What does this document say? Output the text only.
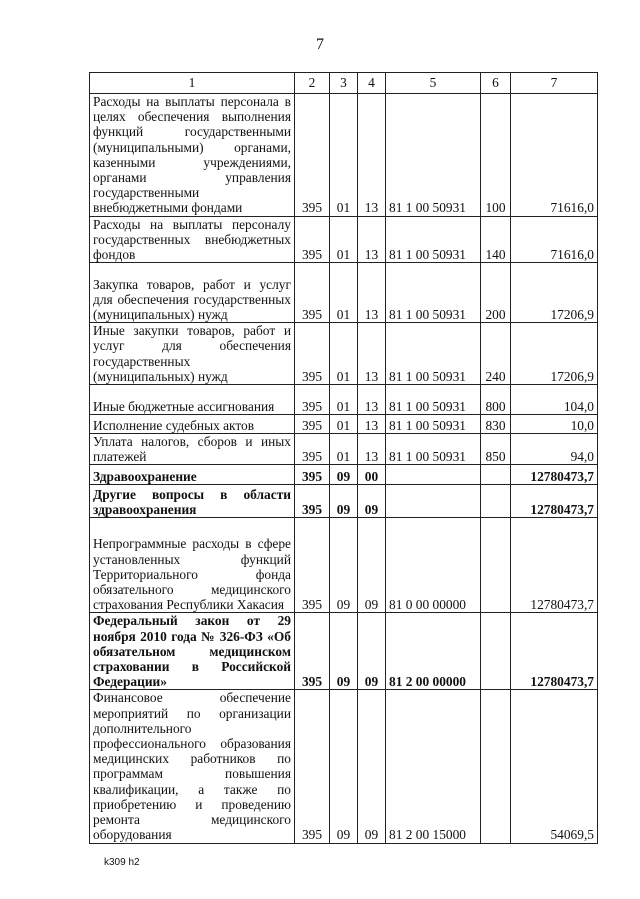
7
1	2	3	4	5	6	7
Расходы на выплаты персонала в целях обеспечения выполнения функций государственными (муниципальными) органами, казенными учреждениями, органами управления государственными внебюджетными фондами	395	01	13	81 1 00 50931	100	71616,0
Расходы на выплаты персоналу государственных внебюджетных фондов	395	01	13	81 1 00 50931	140	71616,0
Закупка товаров, работ и услуг для обеспечения государственных (муниципальных) нужд	395	01	13	81 1 00 50931	200	17206,9
Иные закупки товаров, работ и услуг для обеспечения государственных (муниципальных) нужд	395	01	13	81 1 00 50931	240	17206,9
Иные бюджетные ассигнования	395	01	13	81 1 00 50931	800	104,0
Исполнение судебных актов	395	01	13	81 1 00 50931	830	10,0
Уплата налогов, сборов и иных платежей	395	01	13	81 1 00 50931	850	94,0
Здравоохранение	395	09	00			12780473,7
Другие вопросы в области здравоохранения	395	09	09			12780473,7
Непрограммные расходы в сфере установленных функций Территориального фонда обязательного медицинского страхования Республики Хакасия	395	09	09	81 0 00 00000		12780473,7
Федеральный закон от 29 ноября 2010 года № 326-ФЗ «Об обязательном медицинском страховании в Российской Федерации»	395	09	09	81 2 00 00000		12780473,7
Финансовое обеспечение мероприятий по организации дополнительного профессионального образования медицинских работников по программам повышения квалификации, а также по приобретению и проведению ремонта медицинского оборудования	395	09	09	81 2 00 15000		54069,5
k309 h2
